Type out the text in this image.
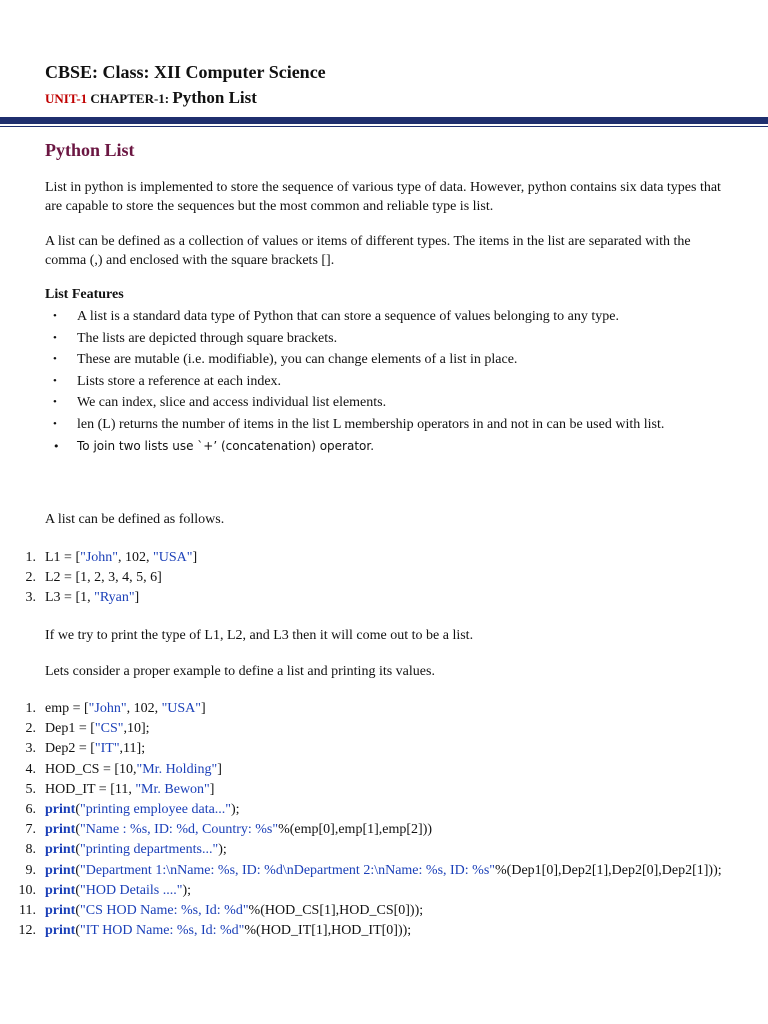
CBSE: Class: XII Computer Science
UNIT-1 CHAPTER-1: Python List
Python List
List in python is implemented to store the sequence of various type of data. However, python contains six data types that are capable to store the sequences but the most common and reliable type is list.
A list can be defined as a collection of values or items of different types. The items in the list are separated with the comma (,) and enclosed with the square brackets [].
List Features
• A list is a standard data type of Python that can store a sequence of values belonging to any type.
• The lists are depicted through square brackets.
• These are mutable (i.e. modifiable), you can change elements of a list in place.
• Lists store a reference at each index.
• We can index, slice and access individual list elements.
• len (L) returns the number of items in the list L membership operators in and not in can be used with list.
• To join two lists use `+’ (concatenation) operator.
A list can be defined as follows.
1. L1 = ["John", 102, "USA"]
2. L2 = [1, 2, 3, 4, 5, 6]
3. L3 = [1, "Ryan"]
If we try to print the type of L1, L2, and L3 then it will come out to be a list.
Lets consider a proper example to define a list and printing its values.
1. emp = ["John", 102, "USA"]
2. Dep1 = ["CS",10];
3. Dep2 = ["IT",11];
4. HOD_CS = [10,"Mr. Holding"]
5. HOD_IT = [11, "Mr. Bewon"]
6. print("printing employee data...");
7. print("Name : %s, ID: %d, Country: %s"%(emp[0],emp[1],emp[2]))
8. print("printing departments...");
9. print("Department 1:\nName: %s, ID: %d\nDepartment 2:\nName: %s, ID: %s"%(Dep1[0],Dep2[1],Dep2[0],Dep2[1]));
10. print("HOD Details ....");
11. print("CS HOD Name: %s, Id: %d"%(HOD_CS[1],HOD_CS[0]));
12. print("IT HOD Name: %s, Id: %d"%(HOD_IT[1],HOD_IT[0]));
